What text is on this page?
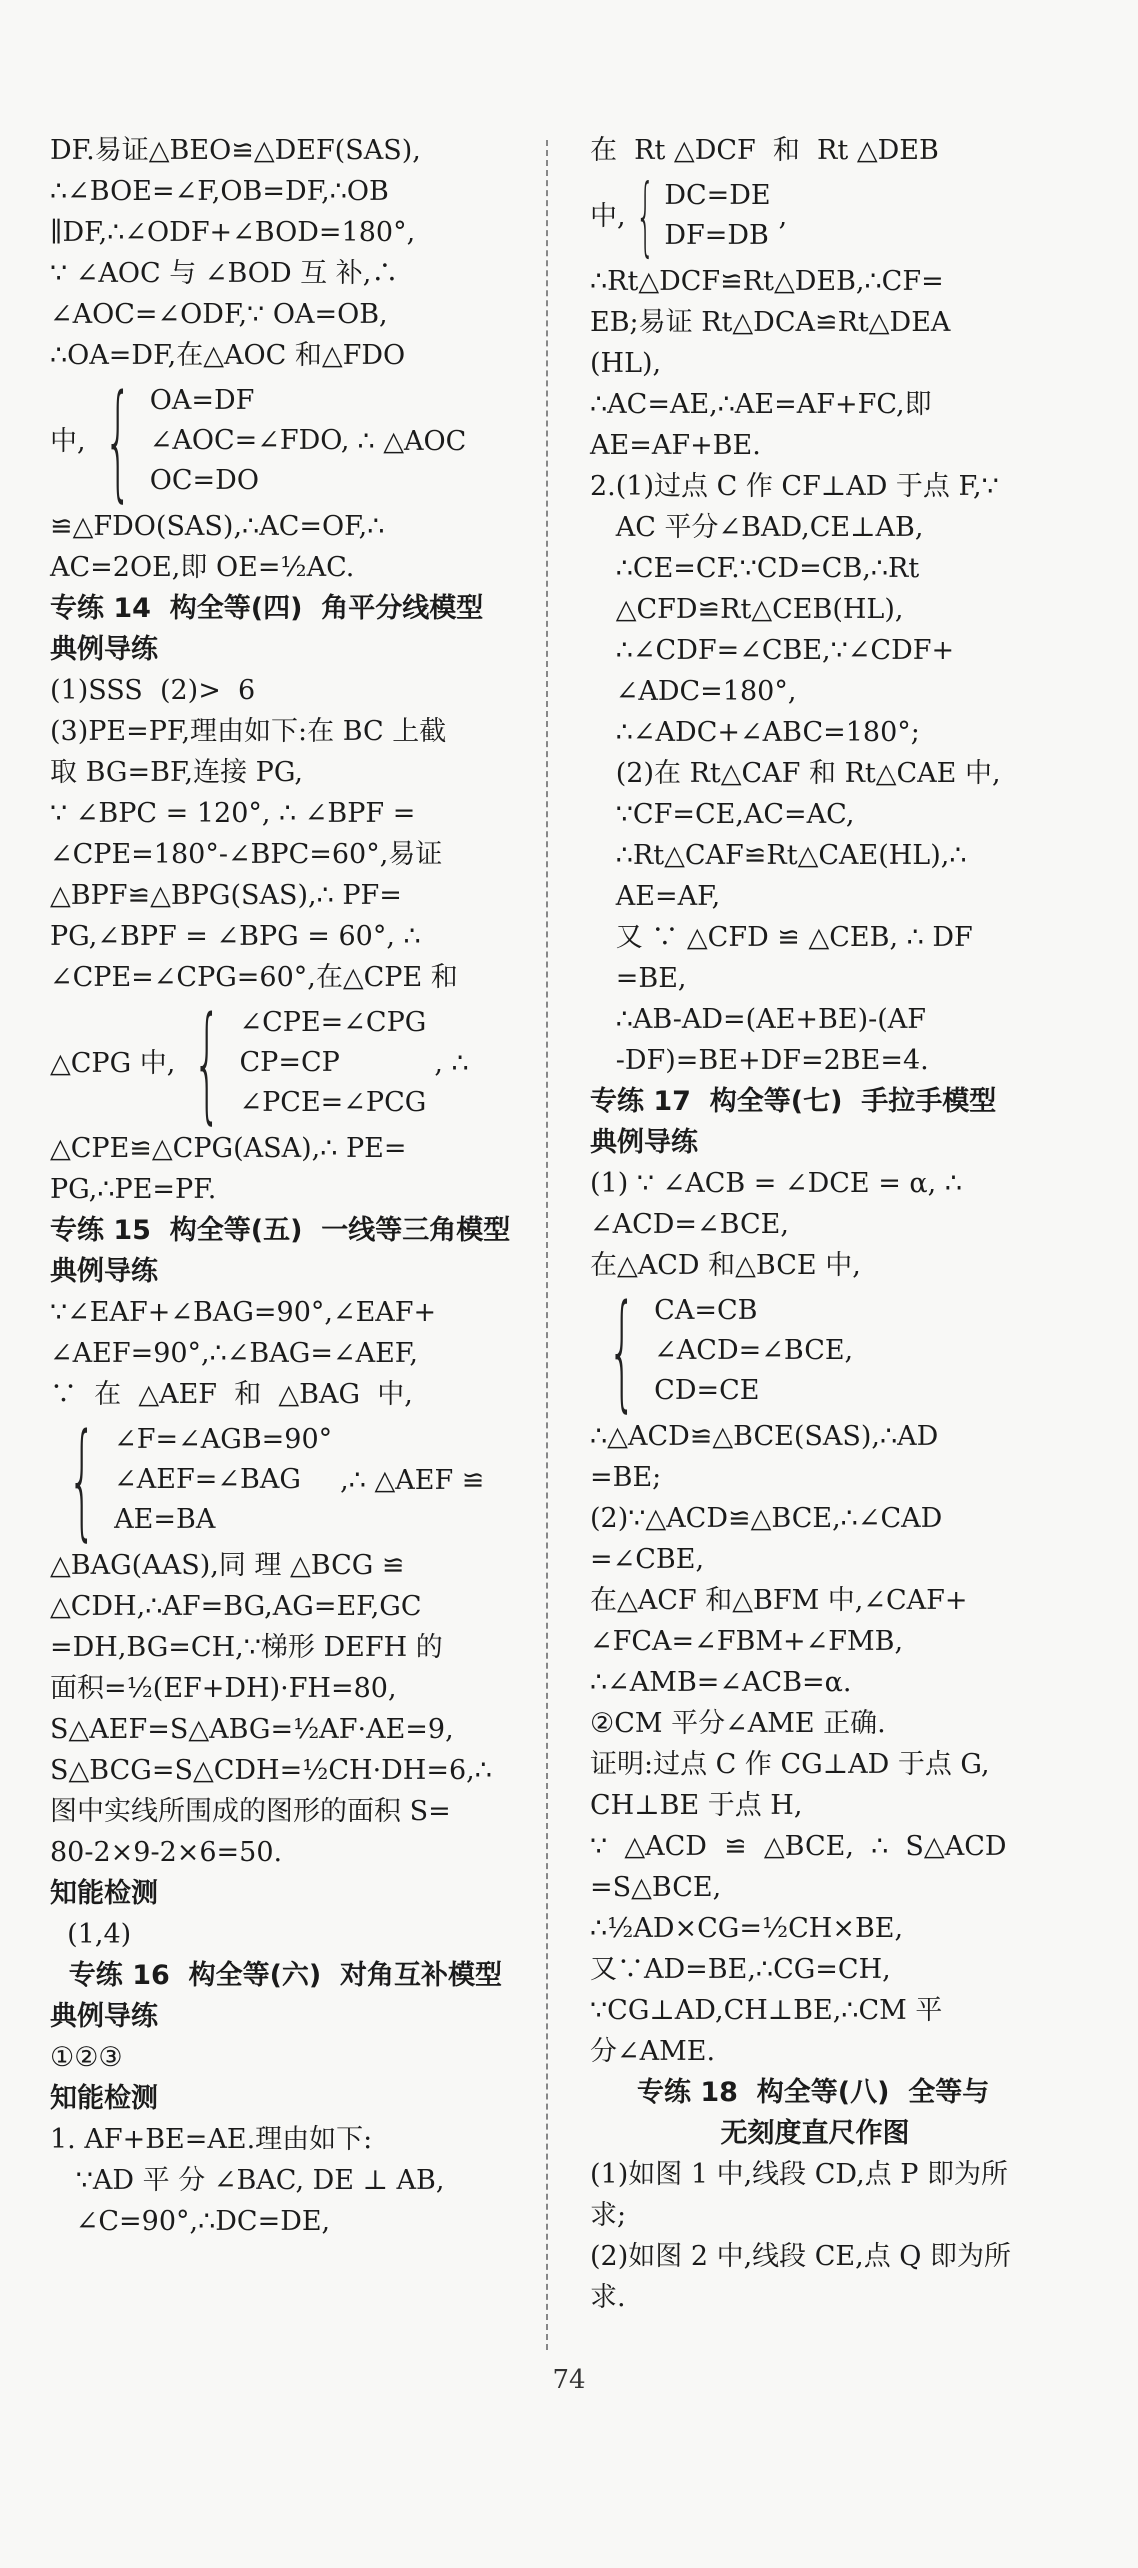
DF.易证△BEO≌△DEF(SAS),
∴∠BOE=∠F,OB=DF,∴OB
∥DF,∴∠ODF+∠BOD=180°,
∵ ∠AOC 与 ∠BOD 互 补,∴
∠AOC=∠ODF,∵ OA=OB,
∴OA=DF,在△AOC 和△FDO
中, { OA=DF
∠AOC=∠FDO,
OC=DO
∴ △AOC
≌△FDO(SAS),∴AC=OF,∴
AC=2OE,即 OE=½AC.
专练 14  构全等(四)  角平分线模型
典例导练
(1)SSS  (2)>  6
(3)PE=PF,理由如下:在 BC 上截
取 BG=BF,连接 PG,
∵ ∠BPC = 120°, ∴ ∠BPF =
∠CPE=180°-∠BPC=60°,易证
△BPF≌△BPG(SAS),∴ PF=
PG,∠BPF = ∠BPG = 60°, ∴
∠CPE=∠CPG=60°,在△CPE 和
△CPG 中, { ∠CPE=∠CPG
CP=CP
∠PCE=∠PCG
, ∴
△CPE≌△CPG(ASA),∴ PE=
PG,∴PE=PF.
专练 15  构全等(五)  一线等三角模型
典例导练
∵∠EAF+∠BAG=90°,∠EAF+
∠AEF=90°,∴∠BAG=∠AEF,
∵  在  △AEF  和  △BAG  中,
{ ∠F=∠AGB=90°
∠AEF=∠BAG
AE=BA
,∴ △AEF ≌
△BAG(AAS),同 理 △BCG ≌
△CDH,∴AF=BG,AG=EF,GC
=DH,BG=CH,∵梯形 DEFH 的
面积=½(EF+DH)·FH=80,
S△AEF=S△ABG=½AF·AE=9,
S△BCG=S△CDH=½CH·DH=6,∴
图中实线所围成的图形的面积 S=
80-2×9-2×6=50.
知能检测
(1,4)
专练 16  构全等(六)  对角互补模型
典例导练
①②③
知能检测
1. AF+BE=AE.理由如下:
∵AD 平 分 ∠BAC, DE ⊥ AB,
∠C=90°,∴DC=DE,
在  Rt △DCF  和  Rt △DEB
中, { DC=DE
DF=DB
,
∴Rt△DCF≌Rt△DEB,∴CF=
EB;易证 Rt△DCA≌Rt△DEA
(HL),
∴AC=AE,∴AE=AF+FC,即
AE=AF+BE.
2.(1)过点 C 作 CF⊥AD 于点 F,∵
AC 平分∠BAD,CE⊥AB,
∴CE=CF.∵CD=CB,∴Rt
△CFD≌Rt△CEB(HL),
∴∠CDF=∠CBE,∵∠CDF+
∠ADC=180°,
∴∠ADC+∠ABC=180°;
(2)在 Rt△CAF 和 Rt△CAE 中,
∵CF=CE,AC=AC,
∴Rt△CAF≌Rt△CAE(HL),∴
AE=AF,
又 ∵ △CFD ≌ △CEB, ∴ DF
=BE,
∴AB-AD=(AE+BE)-(AF
-DF)=BE+DF=2BE=4.
专练 17  构全等(七)  手拉手模型
典例导练
(1) ∵ ∠ACB = ∠DCE = α, ∴
∠ACD=∠BCE,
在△ACD 和△BCE 中,
{ CA=CB
∠ACD=∠BCE,
CD=CE
∴△ACD≌△BCE(SAS),∴AD
=BE;
(2)∵△ACD≌△BCE,∴∠CAD
=∠CBE,
在△ACF 和△BFM 中,∠CAF+
∠FCA=∠FBM+∠FMB,
∴∠AMB=∠ACB=α.
②CM 平分∠AME 正确.
证明:过点 C 作 CG⊥AD 于点 G,
CH⊥BE 于点 H,
∵  △ACD  ≌  △BCE,  ∴  S△ACD
=S△BCE,
∴½AD×CG=½CH×BE,
又∵AD=BE,∴CG=CH,
∵CG⊥AD,CH⊥BE,∴CM 平
分∠AME.
专练 18  构全等(八)  全等与
无刻度直尺作图
(1)如图 1 中,线段 CD,点 P 即为所
求;
(2)如图 2 中,线段 CE,点 Q 即为所
求.
74
